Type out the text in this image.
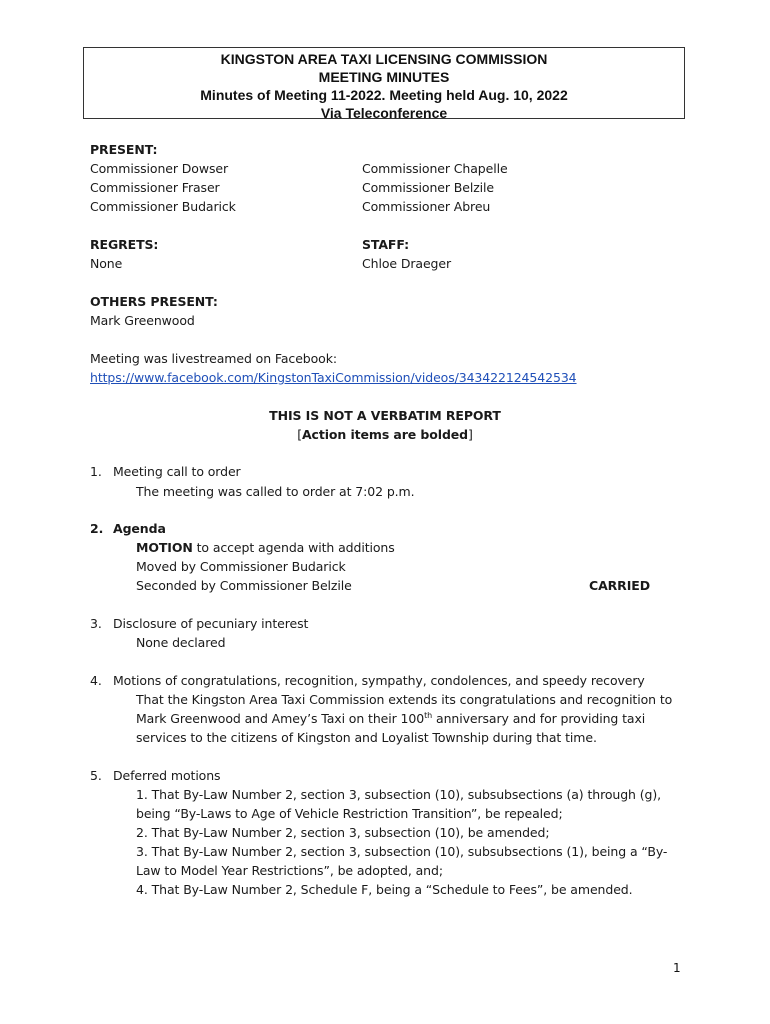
KINGSTON AREA TAXI LICENSING COMMISSION
MEETING MINUTES
Minutes of Meeting 11-2022. Meeting held Aug. 10, 2022
Via Teleconference
PRESENT:
Commissioner Dowser
Commissioner Fraser
Commissioner Budarick
Commissioner Chapelle
Commissioner Belzile
Commissioner Abreu
REGRETS:
None
STAFF:
Chloe Draeger
OTHERS PRESENT:
Mark Greenwood
Meeting was livestreamed on Facebook:
https://www.facebook.com/KingstonTaxiCommission/videos/343422124542534
THIS IS NOT A VERBATIM REPORT
[Action items are bolded]
1. Meeting call to order
The meeting was called to order at 7:02 p.m.
2. Agenda
MOTION to accept agenda with additions
Moved by Commissioner Budarick
Seconded by Commissioner Belzile	CARRIED
3. Disclosure of pecuniary interest
None declared
4. Motions of congratulations, recognition, sympathy, condolences, and speedy recovery
That the Kingston Area Taxi Commission extends its congratulations and recognition to
Mark Greenwood and Amey’s Taxi on their 100th anniversary and for providing taxi
services to the citizens of Kingston and Loyalist Township during that time.
5. Deferred motions
1. That By-Law Number 2, section 3, subsection (10), subsubsections (a) through (g),
being “By-Laws to Age of Vehicle Restriction Transition”, be repealed;
2. That By-Law Number 2, section 3, subsection (10), be amended;
3. That By-Law Number 2, section 3, subsection (10), subsubsections (1), being a “By-
Law to Model Year Restrictions”, be adopted, and;
4. That By-Law Number 2, Schedule F, being a “Schedule to Fees”, be amended.
1
